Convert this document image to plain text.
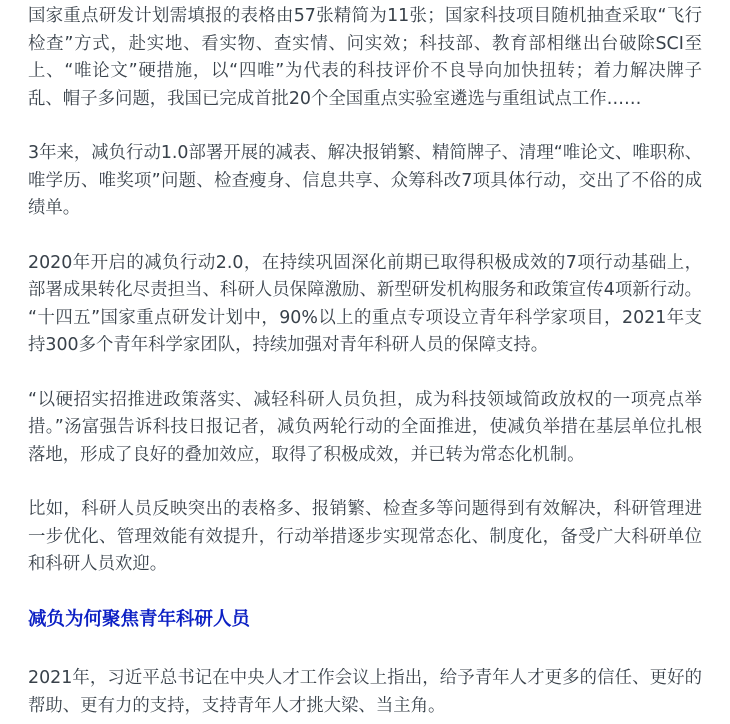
国家重点研发计划需填报的表格由57张精简为11张；国家科技项目随机抽查采取“飞行检查”方式，赴实地、看实物、查实情、问实效；科技部、教育部相继出台破除SCI至上、“唯论文”硬措施，以“四唯”为代表的科技评价不良导向加快扭转；着力解决牌子乱、帽子多问题，我国已完成首批20个全国重点实验室遴选与重组试点工作……

3年来，减负行动1.0部署开展的减表、解决报销繁、精简牌子、清理“唯论文、唯职称、唯学历、唯奖项”问题、检查瘦身、信息共享、众筹科改7项具体行动，交出了不俗的成绩单。

2020年开启的减负行动2.0，在持续巩固深化前期已取得积极成效的7项行动基础上，部署成果转化尽责担当、科研人员保障激励、新型研发机构服务和政策宣传4项新行动。“十四五”国家重点研发计划中，90%以上的重点专项设立青年科学家项目，2021年支持300多个青年科学家团队，持续加强对青年科研人员的保障支持。

“以硬招实招推进政策落实、减轻科研人员负担，成为科技领域简政放权的一项亮点举措。”汤富强告诉科技日报记者，减负两轮行动的全面推进，使减负举措在基层单位扎根落地，形成了良好的叠加效应，取得了积极成效，并已转为常态化机制。

比如，科研人员反映突出的表格多、报销繁、检查多等问题得到有效解决，科研管理进一步优化、管理效能有效提升，行动举措逐步实现常态化、制度化，备受广大科研单位和科研人员欢迎。

减负为何聚焦青年科研人员

2021年，习近平总书记在中央人才工作会议上指出，给予青年人才更多的信任、更好的帮助、更有力的支持，支持青年人才挑大梁、当主角。
